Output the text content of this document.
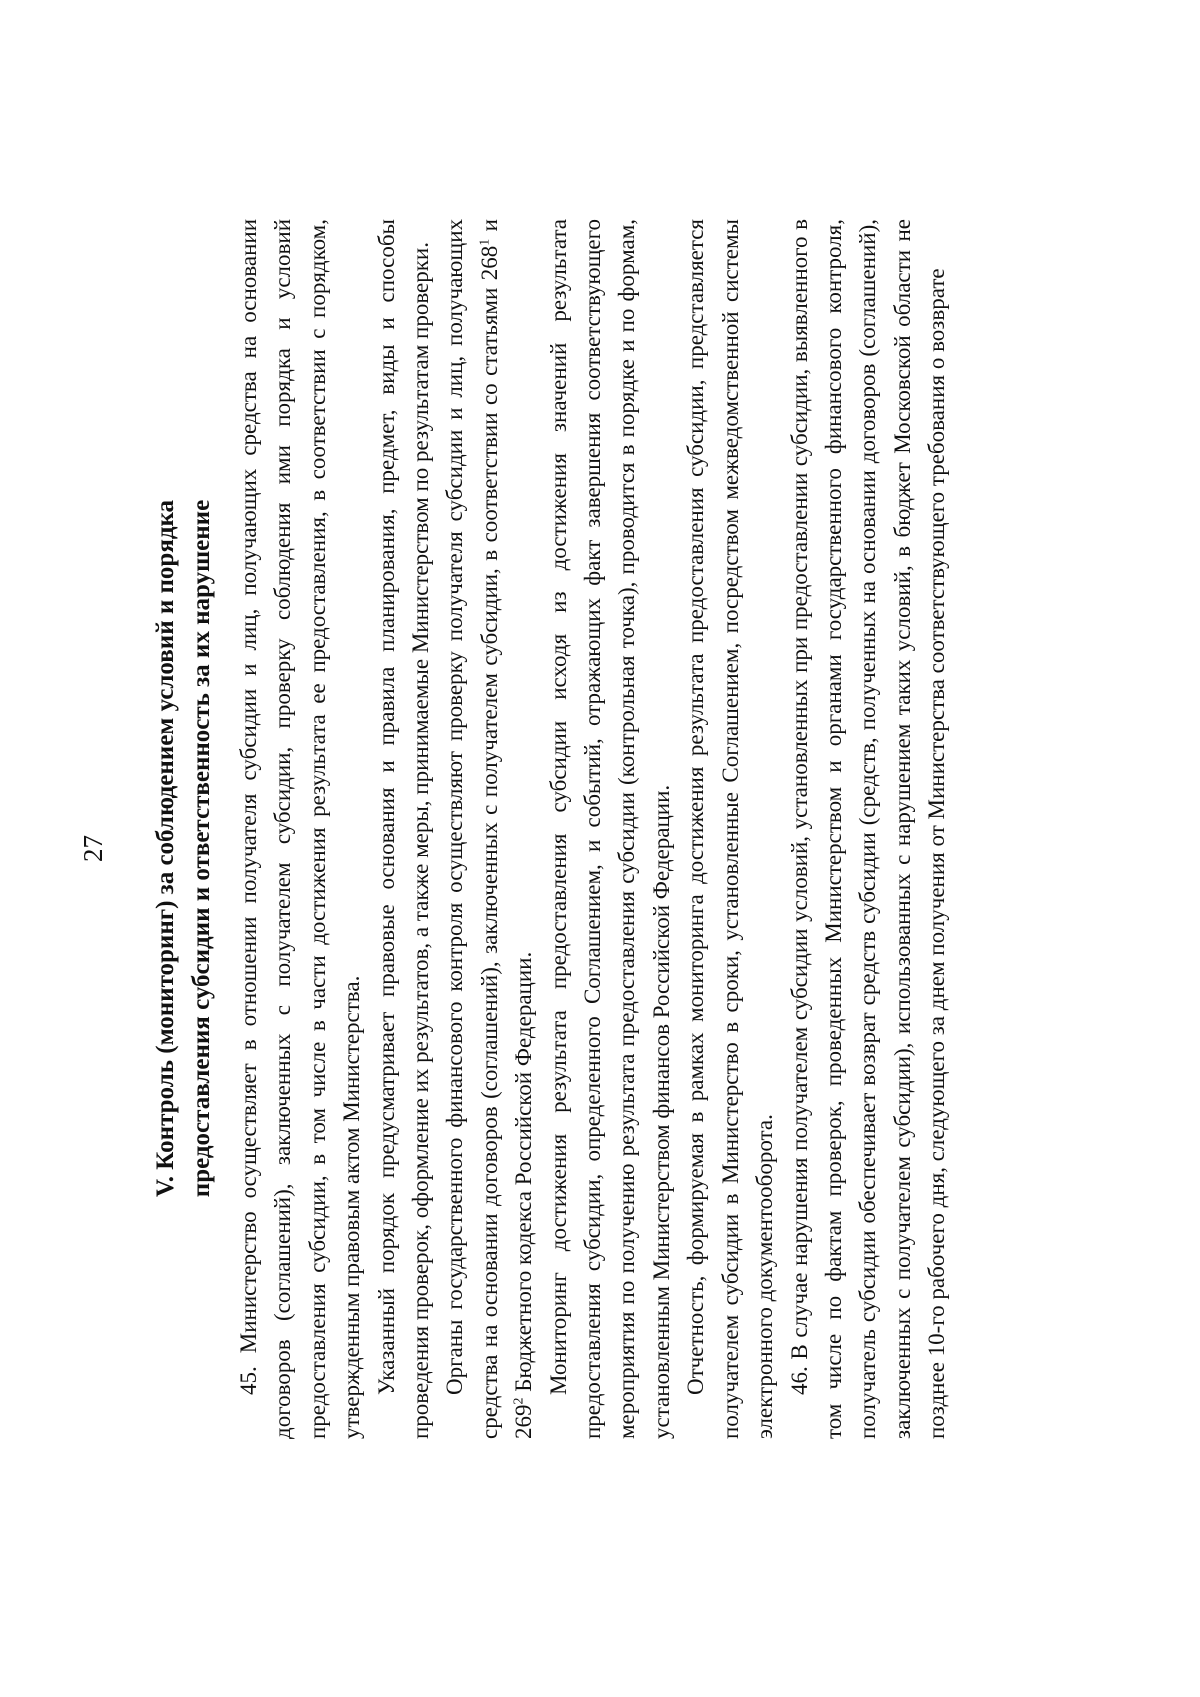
27 V. Контроль (мониторинг) за соблюдением условий и порядка предоставления субсидии и ответственность за их нарушение 45. Министерство осуществляет в отношении получателя субсидии и лиц, получающих средства на основании договоров (соглашений), заключенных с получателем субсидии, проверку соблюдения ими порядка и условий предоставления субсидии, в том числе в части достижения результата ее предоставления, в соответствии с порядком, утвержденным правовым актом Министерства. Указанный порядок предусматривает правовые основания и правила планирования, предмет, виды и способы проведения проверок, оформление их результатов, а также меры, принимаемые Министерством по результатам проверки. Органы государственного финансового контроля осуществляют проверку получателя субсидии и лиц, получающих средства на основании договоров (соглашений), заключенных с получателем субсидии, в соответствии со статьями $268^1$ и $269^2$ Бюджетного кодекса Российской Федерации. Мониторинг достижения результата предоставления субсидии исходя из достижения значений результата предоставления субсидии, определенного Соглашением, и событий, отражающих факт завершения соответствующего мероприятия по получению результата предоставления субсидии (контрольная точка), проводится в порядке и по формам, установленным Министерством финансов Российской Федерации. Отчетность, формируемая в рамках мониторинга достижения результата предоставления субсидии, представляется получателем субсидии в Министерство в сроки, установленные Соглашением, посредством межведомственной системы электронного документооборота. 46. В случае нарушения получателем субсидии условий, установленных при предоставлении субсидии, выявленного в том числе по фактам проверок, проведенных Министерством и органами государственного финансового контроля, получатель субсидии обеспечивает возврат средств субсидии (средств, полученных на основании договоров (соглашений), заключенных с получателем субсидии), использованных с нарушением таких условий, в бюджет Московской области не позднее 10-го рабочего дня, следующего за днем получения от Министерства соответствующего требования о возврате
